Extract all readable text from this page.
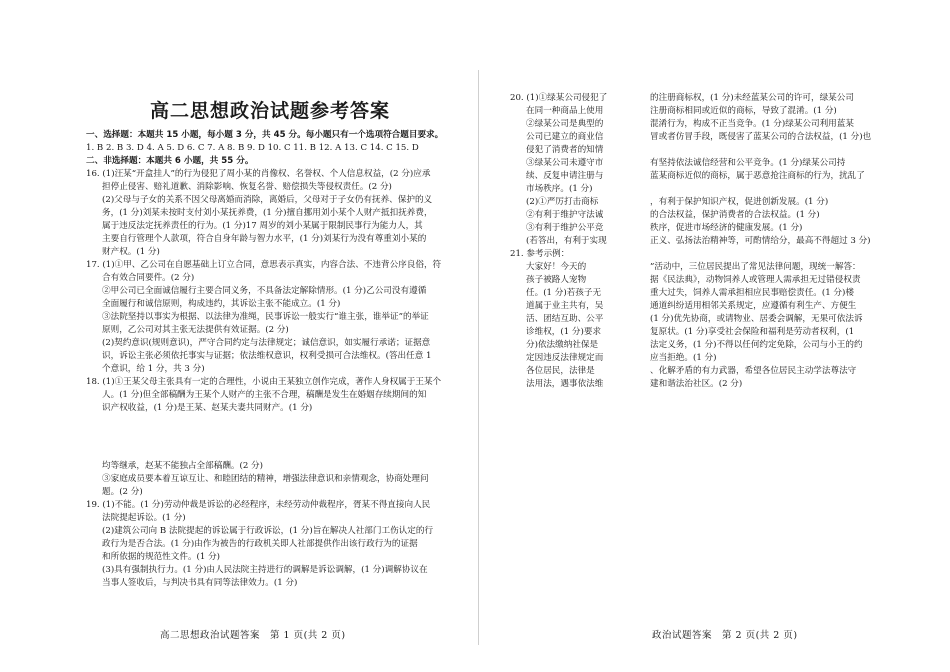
高二思想政治试题参考答案
一、选择题：本题共 15 小题，每小题 3 分，共 45 分。每小题只有一个选项符合题目要求。
1. B 2. B 3. D 4. A 5. D 6. C 7. A 8. B 9. D 10. C 11. B 12. A 13. C 14. C 15. D
二、非选择题：本题共 6 小题，共 55 分。
16. (1)汪某“开盒挂人”的行为侵犯了周小某的肖像权、名誉权、个人信息权益，(2 分)应承
担停止侵害、赔礼道歉、消除影响、恢复名誉、赔偿损失等侵权责任。(2 分)
(2)父母与子女的关系不因父母离婚而消除，离婚后，父母对于子女仍有抚养、保护的义
务，(1 分)刘某未按时支付刘小某抚养费，(1 分)擅自挪用刘小某个人财产抵扣抚养费，
属于违反法定抚养责任的行为。(1 分)17 周岁的刘小某属于限制民事行为能力人，其
主要自行管理个人款项，符合自身年龄与智力水平，(1 分)刘某行为没有尊重刘小某的
财产权。(1 分)
17. (1)①甲、乙公司在自愿基础上订立合同，意思表示真实，内容合法、不违背公序良俗，符
合有效合同要件。(2 分)
②甲公司已全面诚信履行主要合同义务，不具备法定解除情形。(1 分)乙公司没有遵循
全面履行和诚信原则，构成违约，其诉讼主张不能成立。(1 分)
③法院坚持以事实为根据、以法律为准绳，民事诉讼一般实行“谁主张，谁举证”的举证
原则，乙公司对其主张无法提供有效证据。(2 分)
(2)契约意识(规则意识)，严守合同约定与法律规定；诚信意识，如实履行承诺；证据意
识，诉讼主张必须依托事实与证据；依法维权意识，权利受损可合法维权。(答出任意 1
个意识，给 1 分，共 3 分)
18. (1)①王某父母主张具有一定的合理性，小说由王某独立创作完成，著作人身权属于王某个
人。(1 分)但全部稿酬为王某个人财产的主张不合理，稿酬是发生在婚姻存续期间的知
识产权收益，(1 分)是王某、赵某夫妻共同财产。(1 分)
均等继承，赵某不能独占全部稿酬。(2 分)
③家庭成员要本着互谅互让、和睦团结的精神，增强法律意识和亲情观念，协商处理问
题。(2 分)
19. (1)不能。(1 分)劳动仲裁是诉讼的必经程序，未经劳动仲裁程序，胥某不得直接向人民
法院提起诉讼。(1 分)
(2)建筑公司向 B 法院提起的诉讼属于行政诉讼，(1 分)旨在解决人社部门工伤认定的行
政行为是否合法。(1 分)由作为被告的行政机关即人社部提供作出该行政行为的证据
和所依据的规范性文件。(1 分)
(3)具有强制执行力。(1 分)由人民法院主持进行的调解是诉讼调解，(1 分)调解协议在
当事人签收后，与判决书具有同等法律效力。(1 分)
高二思想政治试题答案　第 1 页(共 2 页)
20. (1)①绿某公司侵犯了
在同一种商品上使用
②绿某公司是典型的
公司已建立的商业信
侵犯了消费者的知情
③绿某公司未遵守市
续、反复申请注册与
市场秩序。(1 分)
(2)①严厉打击商标
②有利于维护守法诚
③有利于维护公平竞
(若答出，有利于实现
21. 参考示例：
大家好！今天的
孩子被路人宠物
任。(1 分)若孩子无
道属于业主共有，吴
活、团结互助、公平
诊维权，(1 分)要求
分)依法缴纳社保是
定因违反法律规定而
各位居民，法律是
法用法，遇事依法维
的注册商标权，(1 分)未经蓝某公司的许可，绿某公司
注册商标相同或近似的商标，导致了混淆。(1 分)
混淆行为，构成不正当竞争。(1 分)绿某公司利用蓝某
冒或者仿冒手段，既侵害了蓝某公司的合法权益，(1 分)也
有坚持依法诚信经营和公平竞争。(1 分)绿某公司持
蓝某商标近似的商标，属于恶意抢注商标的行为，扰乱了
，有利于保护知识产权，促进创新发展。(1 分)
的合法权益，保护消费者的合法权益。(1 分)
秩序，促进市场经济的健康发展。(1 分)
正义、弘扬法治精神等，可酌情给分，最高不得超过 3 分)
”活动中，三位居民提出了常见法律问题，现统一解答：
据《民法典》，动物饲养人或管理人需承担无过错侵权责
重大过失，饲养人需承担相应民事赔偿责任。(1 分)楼
通道纠纷适用相邻关系规定，应遵循有利生产、方便生
(1 分)优先协商，或请物业、居委会调解，无果可依法诉
复原状。(1 分)享受社会保险和福利是劳动者权利，(1
法定义务，(1 分)不得以任何约定免除，公司与小王的约
应当拒绝。(1 分)
、化解矛盾的有力武器，希望各位居民主动学法尊法守
建和谐法治社区。(2 分)
政治试题答案　第 2 页(共 2 页)
